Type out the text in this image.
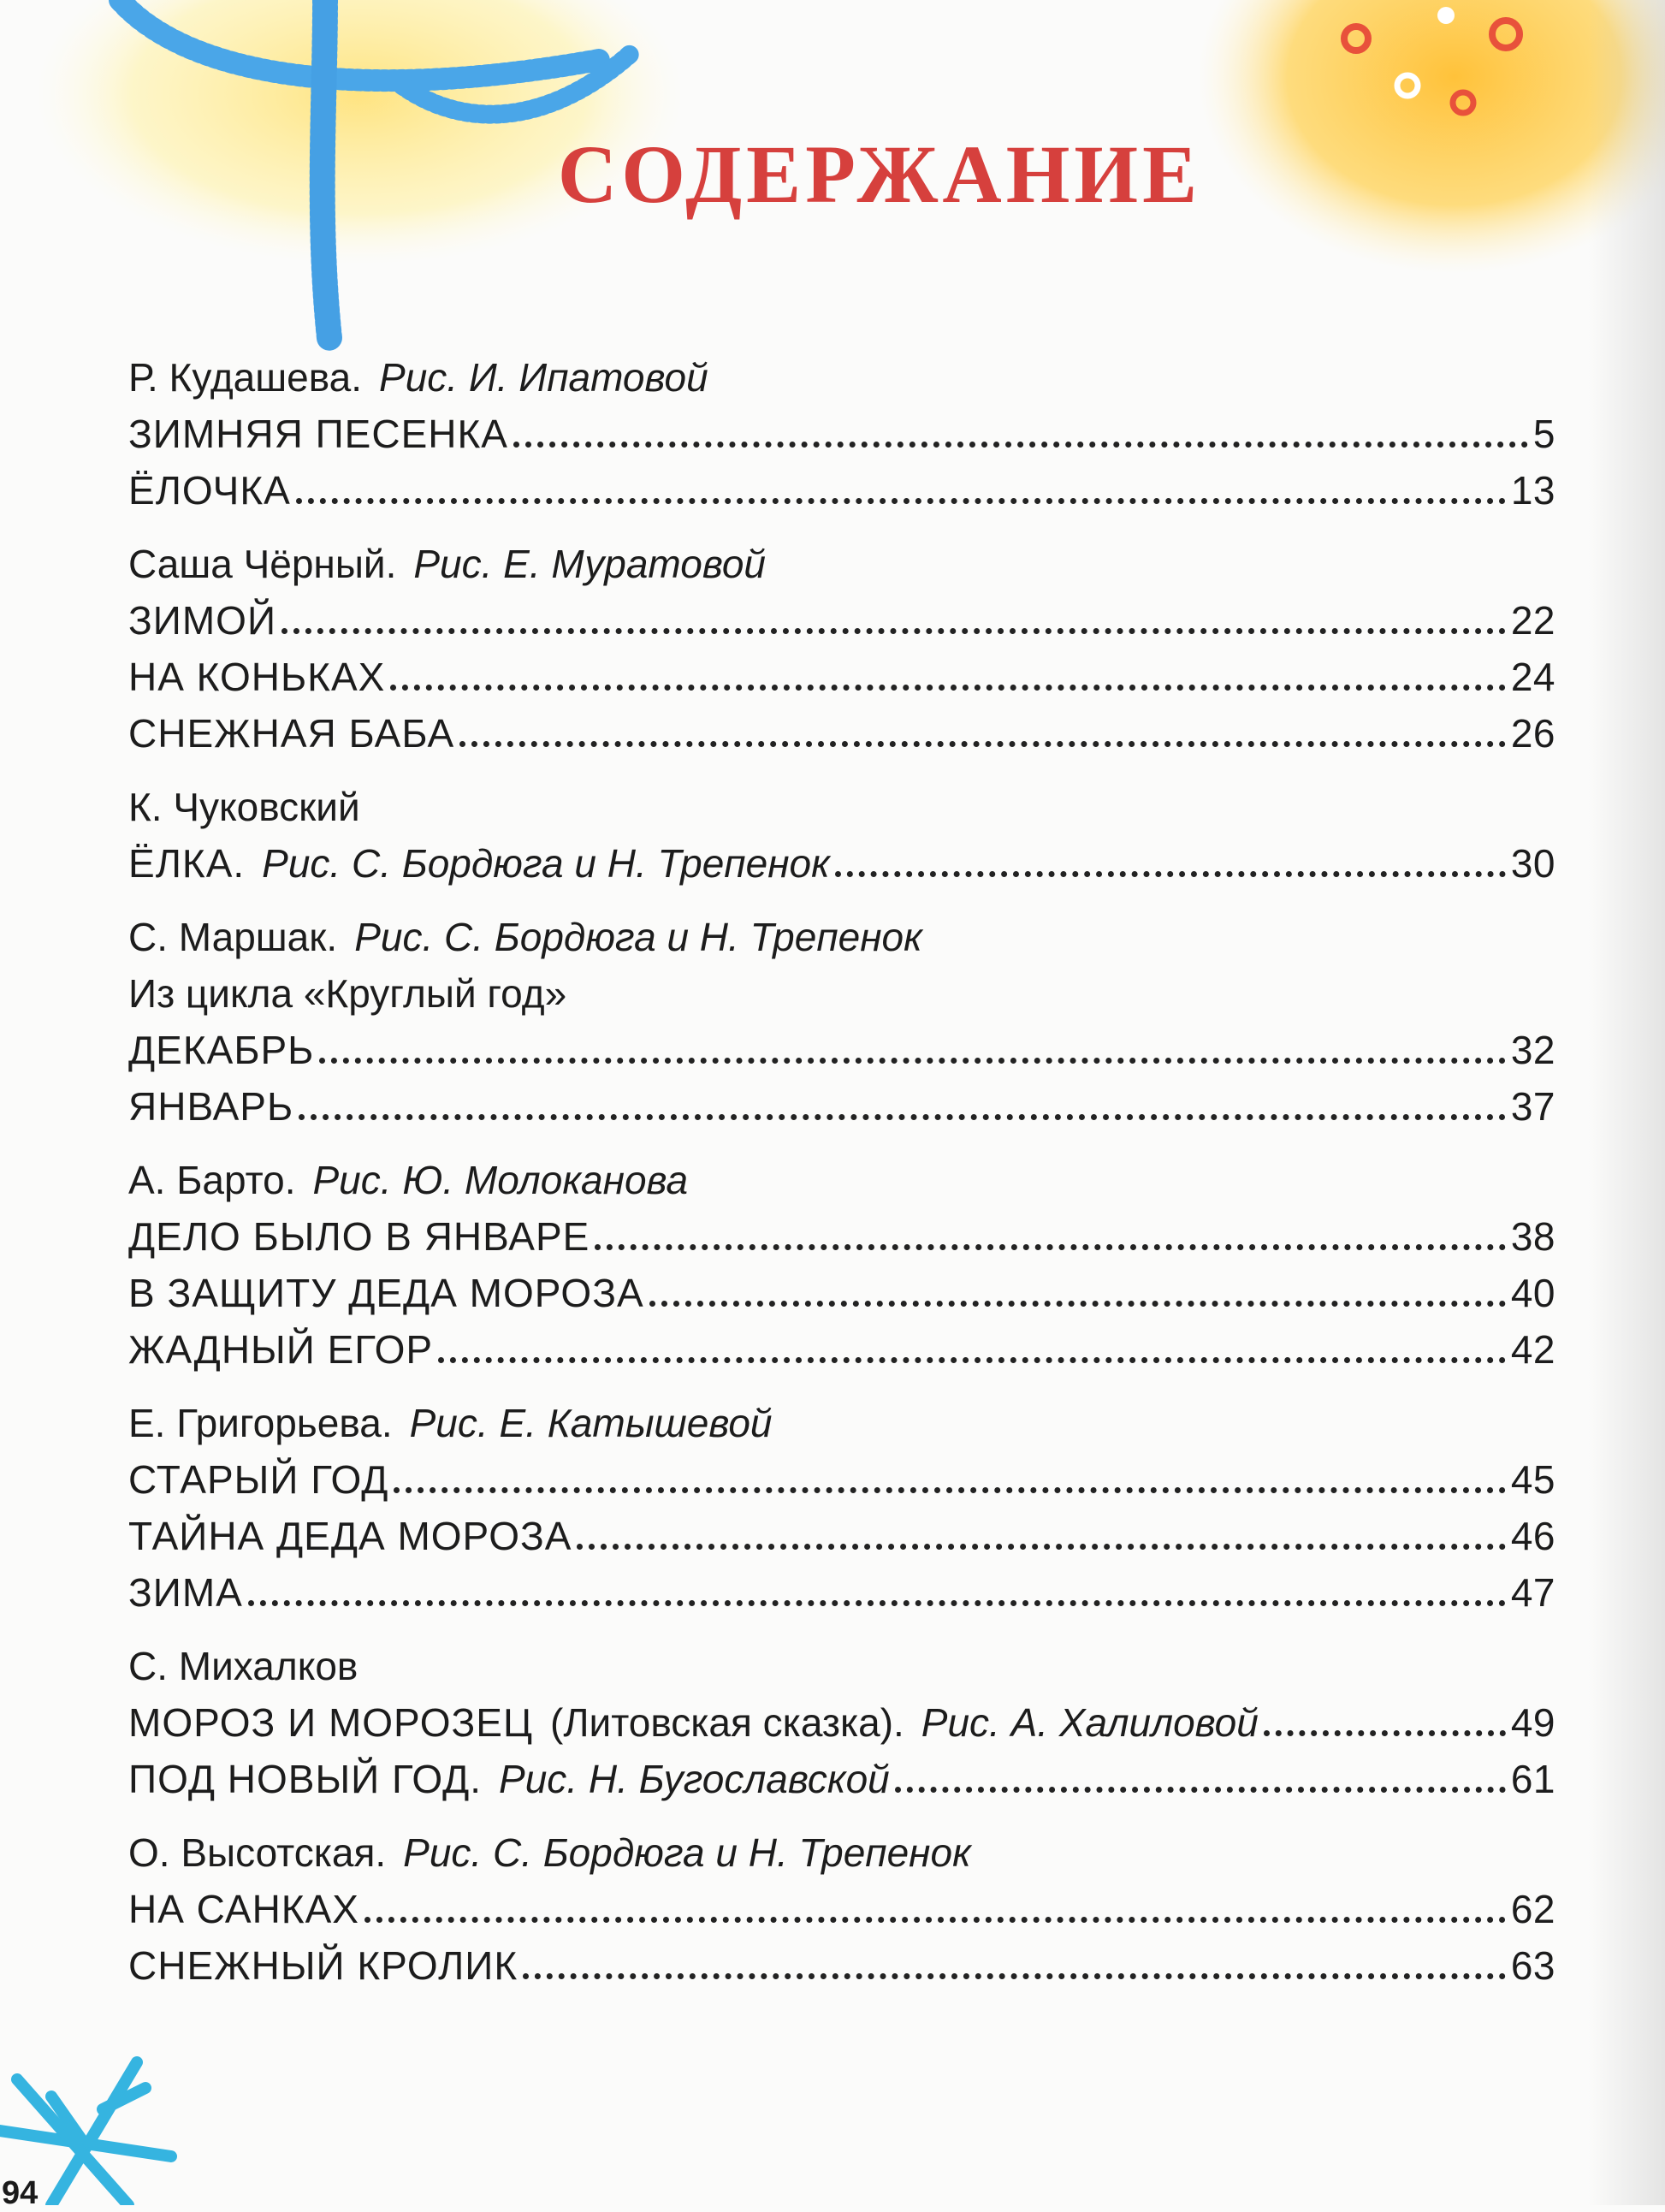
СОДЕРЖАНИЕ
Р. Кудашева. Рис. И. Ипатовой
ЗИМНЯЯ ПЕСЕНКА	5
ЁЛОЧКА	13
Саша Чёрный. Рис. Е. Муратовой
ЗИМОЙ	22
НА КОНЬКАХ	24
СНЕЖНАЯ БАБА	26
К. Чуковский
ЁЛКА. Рис. С. Бордюга и Н. Трепенок	30
С. Маршак. Рис. С. Бордюга и Н. Трепенок
Из цикла «Круглый год»
ДЕКАБРЬ	32
ЯНВАРЬ	37
А. Барто. Рис. Ю. Молоканова
ДЕЛО БЫЛО В ЯНВАРЕ	38
В ЗАЩИТУ ДЕДА МОРОЗА	40
ЖАДНЫЙ ЕГОР	42
Е. Григорьева. Рис. Е. Катышевой
СТАРЫЙ ГОД	45
ТАЙНА ДЕДА МОРОЗА	46
ЗИМА	47
С. Михалков
МОРОЗ И МОРОЗЕЦ (Литовская сказка). Рис. А. Халиловой	49
ПОД НОВЫЙ ГОД. Рис. Н. Бугославской	61
О. Высотская. Рис. С. Бордюга и Н. Трепенок
НА САНКАХ	62
СНЕЖНЫЙ КРОЛИК	63
94
